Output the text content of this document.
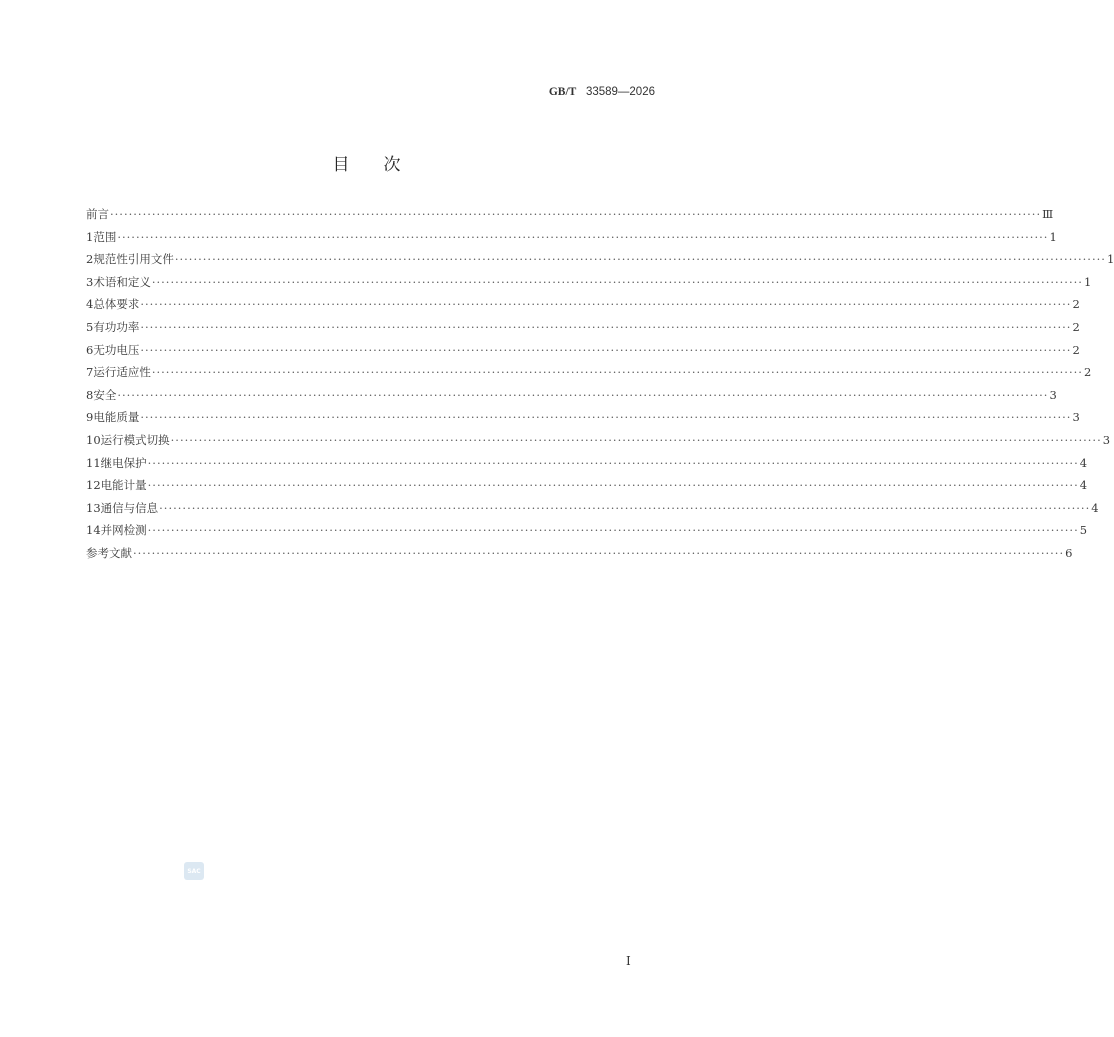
GB/T 33589—2026
目次
前言 ········································································································································································································ Ⅲ
1 范围 ········································································································································································································ 1
2 规范性引用文件 ········································································································································································································ 1
3 术语和定义 ········································································································································································································ 1
4 总体要求 ········································································································································································································ 2
5 有功功率 ········································································································································································································ 2
6 无功电压 ········································································································································································································ 2
7 运行适应性 ········································································································································································································ 2
8 安全 ········································································································································································································ 3
9 电能质量 ········································································································································································································ 3
10 运行模式切换 ········································································································································································································ 3
11 继电保护 ········································································································································································································ 4
12 电能计量 ········································································································································································································ 4
13 通信与信息 ········································································································································································································ 4
14 并网检测 ········································································································································································································ 5
参考文献 ········································································································································································································ 6
SAC
I
